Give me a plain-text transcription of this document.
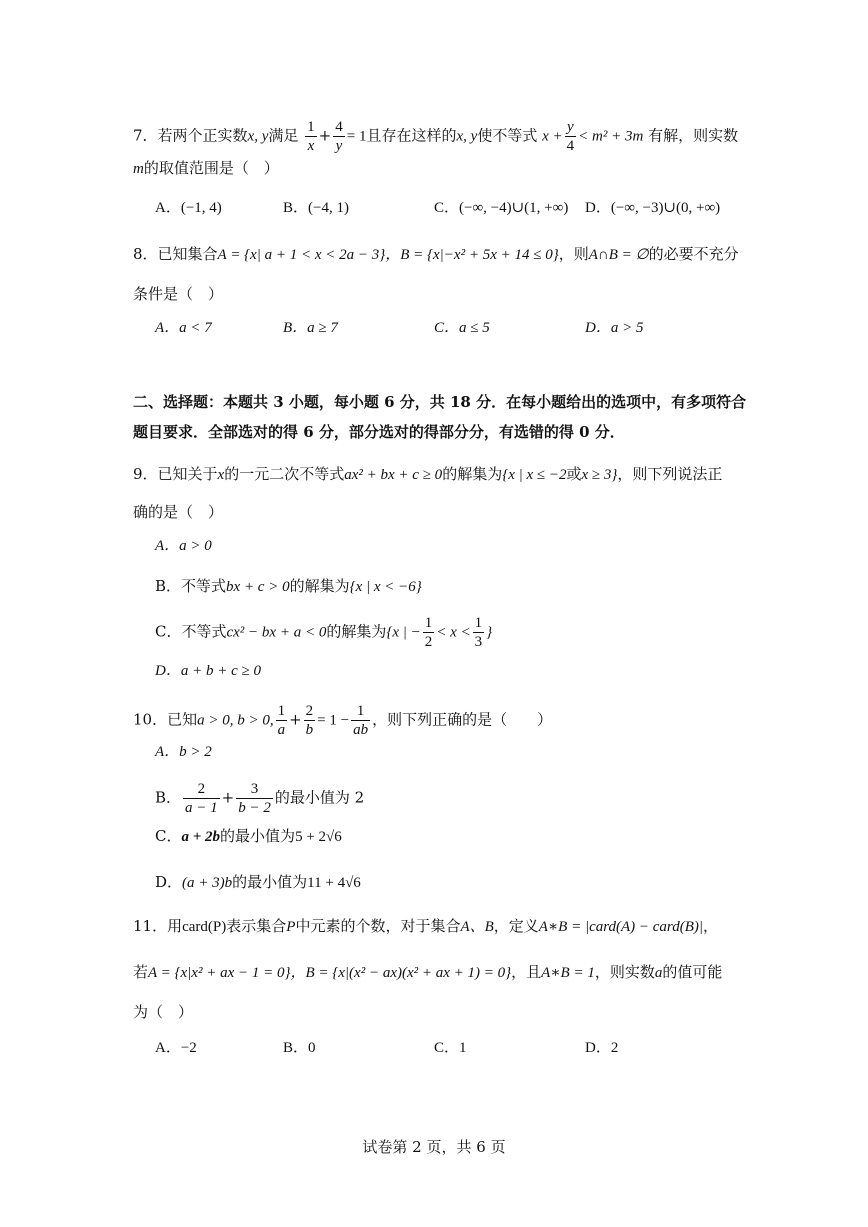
7．若两个正实数x, y满足 $\frac{1}{x} + \frac{4}{y} = 1$且存在这样的x, y使不等式 $x + \frac{y}{4} < m^2 + 3m$ 有解，则实数
m的取值范围是（　）
A．(−1, 4)	B．(−4, 1)	C．(−∞, −4)∪(1, +∞) D．(−∞, −3)∪(0, +∞)
8．已知集合A = {x| a + 1 < x < 2a − 3}，B = {x|−x² + 5x + 14 ≤ 0}，则A∩B = ∅的必要不充分
条件是（　）
A．a < 7	B．a ≥ 7	C．a ≤ 5	D．a > 5
二、选择题：本题共 3 小题，每小题 6 分，共 18 分．在每小题给出的选项中，有多项符合
题目要求．全部选对的得 6 分，部分选对的得部分分，有选错的得 0 分．
9．已知关于x的一元二次不等式ax² + bx + c ≥ 0的解集为{x | x ≤ −2或x ≥ 3}，则下列说法正
确的是（　）
A．a > 0
B．不等式bx + c > 0的解集为{x | x < −6}
C．不等式cx² − bx + a < 0的解集为{x | − $\frac{1}{2} < x < \frac{1}{3}$ }
D．a + b + c ≥ 0
10．已知a > 0, b > 0, $\frac{1}{a} + \frac{2}{b} = 1 - \frac{1}{ab}$ ，则下列正确的是（　　）
A．b > 2
B． $\frac{2}{a - 1} + \frac{3}{b - 2}$ 的最小值为 2
C．a + 2b的最小值为5 + 2√6
D．(a + 3)b的最小值为11 + 4√6
11．用card(P)表示集合P中元素的个数，对于集合A、B，定义A∗B = |card(A) − card(B)|，
若A = {x|x² + ax − 1 = 0}，B = {x|(x² − ax)(x² + ax + 1) = 0}，且A∗B = 1，则实数a的值可能
为（　）
A．−2	B．0	C．1	D．2
试卷第 2 页，共 6 页
